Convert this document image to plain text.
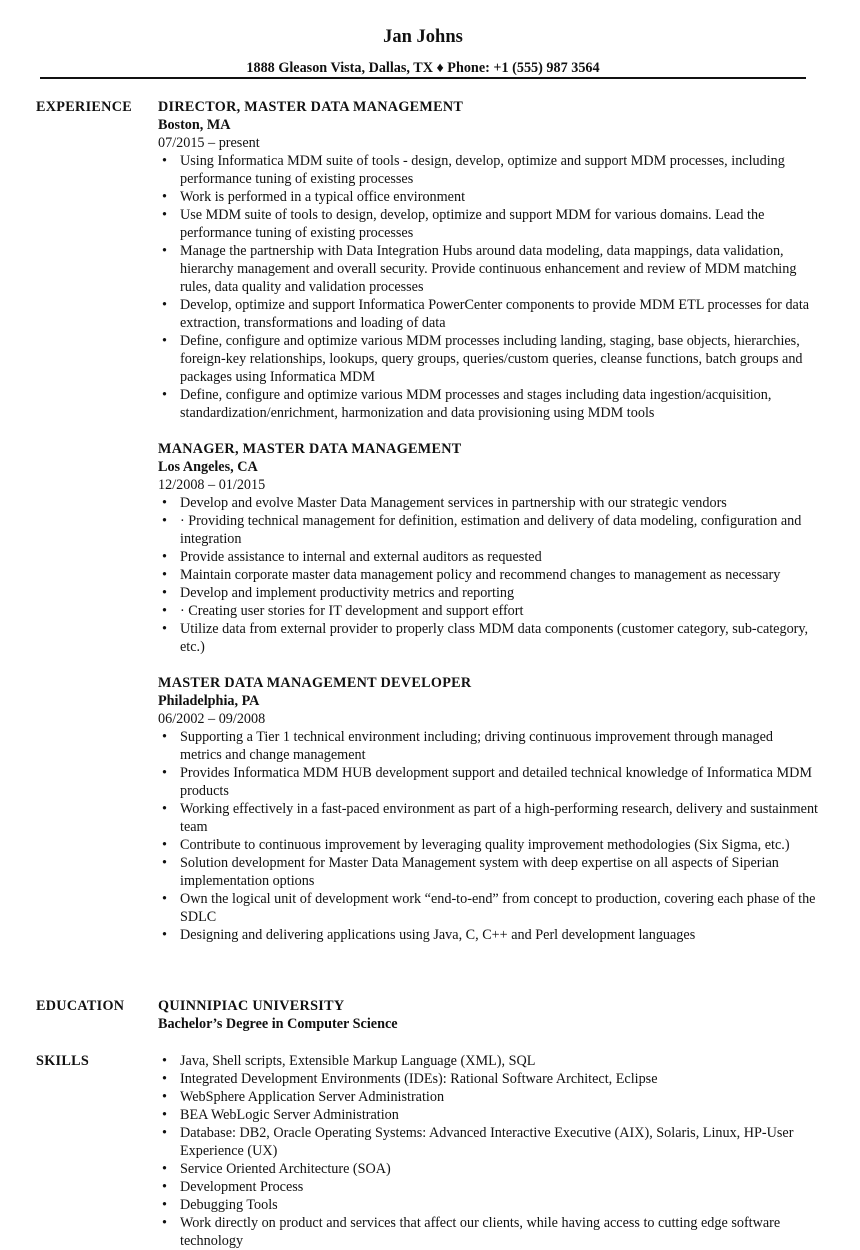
Jan Johns
1888 Gleason Vista, Dallas, TX ♦ Phone: +1 (555) 987 3564
EXPERIENCE DIRECTOR, MASTER DATA MANAGEMENT
Boston, MA
07/2015 – present
• Using Informatica MDM suite of tools - design, develop, optimize and support MDM processes, including performance tuning of existing processes
• Work is performed in a typical office environment
• Use MDM suite of tools to design, develop, optimize and support MDM for various domains. Lead the performance tuning of existing processes
• Manage the partnership with Data Integration Hubs around data modeling, data mappings, data validation, hierarchy management and overall security. Provide continuous enhancement and review of MDM matching rules, data quality and validation processes
• Develop, optimize and support Informatica PowerCenter components to provide MDM ETL processes for data extraction, transformations and loading of data
• Define, configure and optimize various MDM processes including landing, staging, base objects, hierarchies, foreign-key relationships, lookups, query groups, queries/custom queries, cleanse functions, batch groups and packages using Informatica MDM
• Define, configure and optimize various MDM processes and stages including data ingestion/acquisition, standardization/enrichment, harmonization and data provisioning using MDM tools
MANAGER, MASTER DATA MANAGEMENT
Los Angeles, CA
12/2008 – 01/2015
• Develop and evolve Master Data Management services in partnership with our strategic vendors
• · Providing technical management for definition, estimation and delivery of data modeling, configuration and integration
• Provide assistance to internal and external auditors as requested
• Maintain corporate master data management policy and recommend changes to management as necessary
• Develop and implement productivity metrics and reporting
• · Creating user stories for IT development and support effort
• Utilize data from external provider to properly class MDM data components (customer category, sub-category, etc.)
MASTER DATA MANAGEMENT DEVELOPER
Philadelphia, PA
06/2002 – 09/2008
• Supporting a Tier 1 technical environment including; driving continuous improvement through managed metrics and change management
• Provides Informatica MDM HUB development support and detailed technical knowledge of Informatica MDM products
• Working effectively in a fast-paced environment as part of a high-performing research, delivery and sustainment team
• Contribute to continuous improvement by leveraging quality improvement methodologies (Six Sigma, etc.)
• Solution development for Master Data Management system with deep expertise on all aspects of Siperian implementation options
• Own the logical unit of development work “end-to-end” from concept to production, covering each phase of the SDLC
• Designing and delivering applications using Java, C, C++ and Perl development languages
EDUCATION QUINNIPIAC UNIVERSITY
Bachelor’s Degree in Computer Science
SKILLS	• Java, Shell scripts, Extensible Markup Language (XML), SQL
• Integrated Development Environments (IDEs): Rational Software Architect, Eclipse
• WebSphere Application Server Administration
• BEA WebLogic Server Administration
• Database: DB2, Oracle Operating Systems: Advanced Interactive Executive (AIX), Solaris, Linux, HP-User Experience (UX)
• Service Oriented Architecture (SOA)
• Development Process
• Debugging Tools
• Work directly on product and services that affect our clients, while having access to cutting edge software technology
